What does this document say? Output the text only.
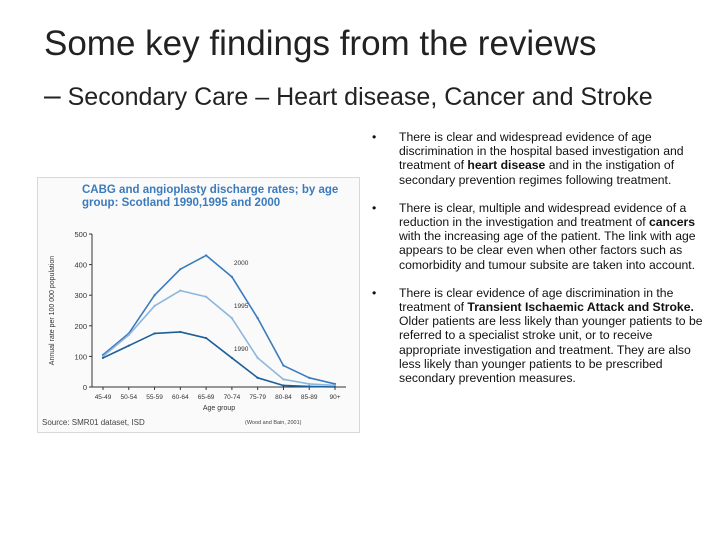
Some key findings from the reviews
– Secondary Care – Heart disease, Cancer and Stroke
CABG and angioplasty discharge rates; by age group: Scotland 1990,1995 and 2000
0
100
200
300
400
500
45-49 50-54 55-59 60-64 65-69 70-74 75-79 80-84 85-89 90+
Age group
Annual rate per 100 000 population	2000
1995
1990
Source: SMR01 dataset, ISD	(Wood and Bain, 2001)
• There is clear and widespread evidence of age discrimination in the hospital based investigation and treatment of heart disease and in the instigation of secondary prevention regimes following treatment.
• There is clear, multiple and widespread evidence of a reduction in the investigation and treatment of cancers with the increasing age of the patient. The link with age appears to be clear even when other factors such as comorbidity and tumour subsite are taken into account.
• There is clear evidence of age discrimination in the treatment of Transient Ischaemic Attack and Stroke. Older patients are less likely than younger patients to be referred to a specialist stroke unit, or to receive appropriate investigation and treatment. They are also less likely than younger patients to be prescribed secondary prevention measures.
